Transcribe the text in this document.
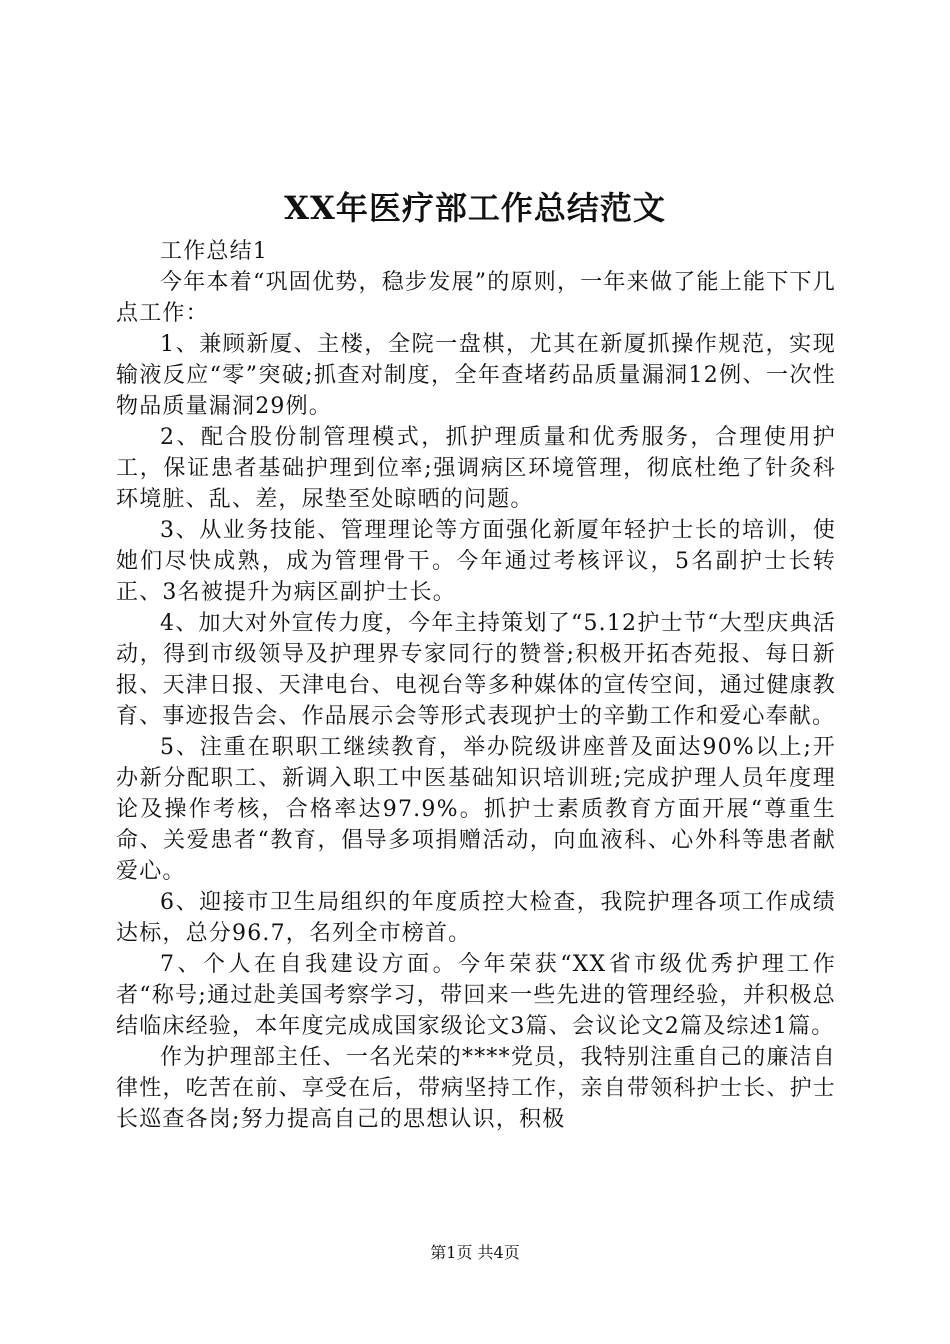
XX年医疗部工作总结范文

工作总结1

今年本着“巩固优势，稳步发展”的原则，一年来做了能上能下下几点工作：

1、兼顾新厦、主楼，全院一盘棋，尤其在新厦抓操作规范，实现输液反应“零”突破;抓查对制度，全年查堵药品质量漏洞12例、一次性物品质量漏洞29例。

2、配合股份制管理模式，抓护理质量和优秀服务，合理使用护工，保证患者基础护理到位率;强调病区环境管理，彻底杜绝了针灸科环境脏、乱、差，尿垫至处晾晒的问题。

3、从业务技能、管理理论等方面强化新厦年轻护士长的培训，使她们尽快成熟，成为管理骨干。今年通过考核评议，5名副护士长转正、3名被提升为病区副护士长。

4、加大对外宣传力度，今年主持策划了“5.12护士节“大型庆典活动，得到市级领导及护理界专家同行的赞誉;积极开拓杏苑报、每日新报、天津日报、天津电台、电视台等多种媒体的宣传空间，通过健康教育、事迹报告会、作品展示会等形式表现护士的辛勤工作和爱心奉献。

5、注重在职职工继续教育，举办院级讲座普及面达90%以上;开办新分配职工、新调入职工中医基础知识培训班;完成护理人员年度理论及操作考核，合格率达97.9%。抓护士素质教育方面开展“尊重生命、关爱患者“教育，倡导多项捐赠活动，向血液科、心外科等患者献爱心。

6、迎接市卫生局组织的年度质控大检查，我院护理各项工作成绩达标，总分96.7，名列全市榜首。

7、个人在自我建设方面。今年荣获“XX省市级优秀护理工作者“称号;通过赴美国考察学习，带回来一些先进的管理经验，并积极总结临床经验，本年度完成成国家级论文3篇、会议论文2篇及综述1篇。

作为护理部主任、一名光荣的****党员，我特别注重自己的廉洁自律性，吃苦在前、享受在后，带病坚持工作，亲自带领科护士长、护士长巡查各岗;努力提高自己的思想认识，积极

第1页 共4页
